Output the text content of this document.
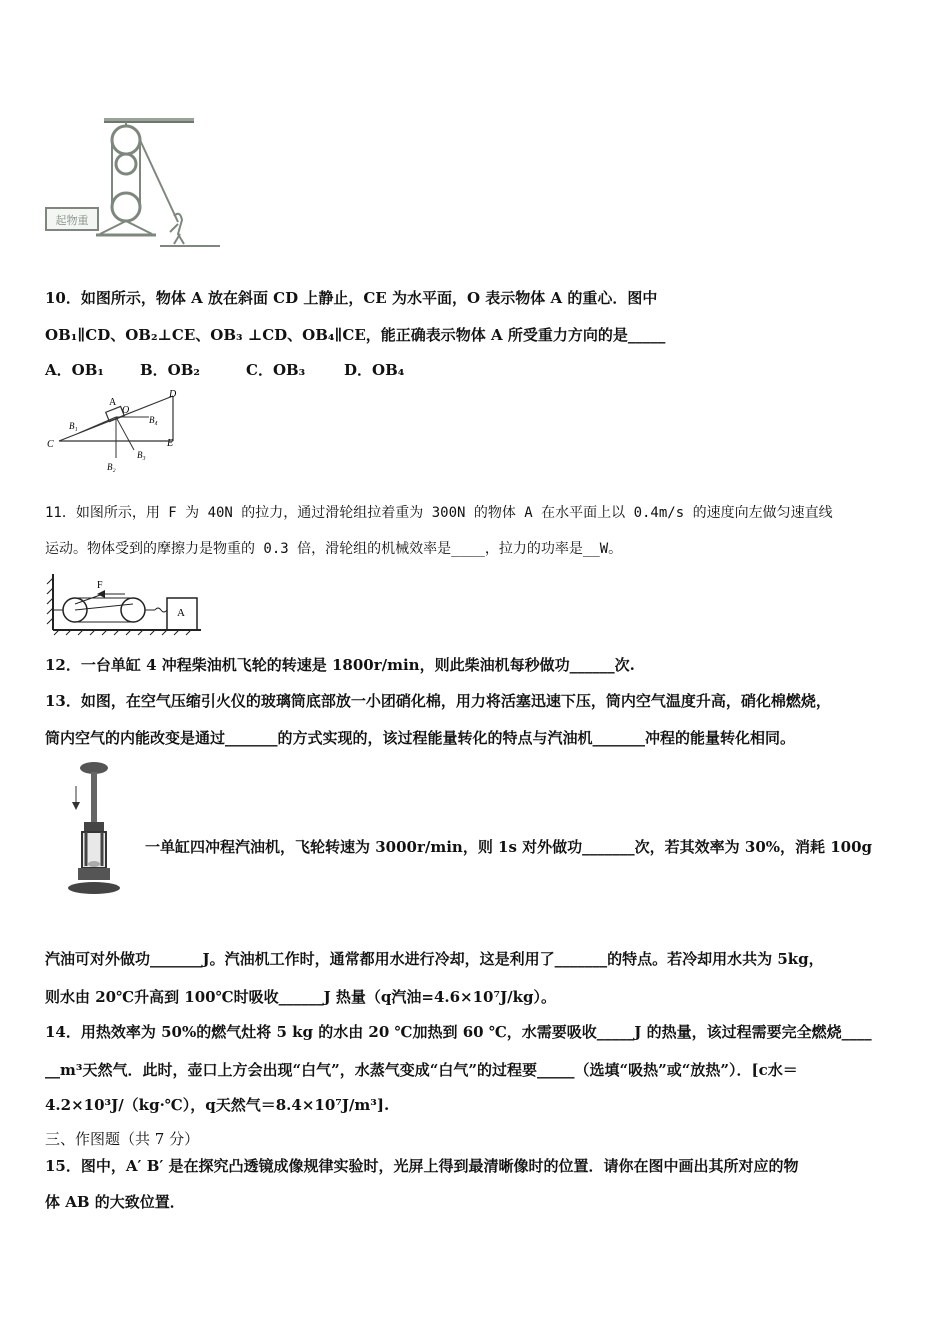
起物重
10．如图所示，物体 A 放在斜面 CD 上静止，CE 为水平面，O 表示物体 A 的重心．图中
OB₁∥CD、OB₂⊥CE、OB₃ ⊥CD、OB₄∥CE，能正确表示物体 A 所受重力方向的是_____
A．OB₁ B．OB₂	C．OB₃	D．OB₄
A
O
D
B₁
B₄
C	E
B₃
B₂
11．如图所示，用 F 为 40N 的拉力，通过滑轮组拉着重为 300N 的物体 A 在水平面上以 0.4m/s 的速度向左做匀速直线
运动。物体受到的摩擦力是物重的 0.3 倍，滑轮组的机械效率是____，拉力的功率是__W。
F
A
12．一台单缸 4 冲程柴油机飞轮的转速是 1800r/min，则此柴油机每秒做功______次.
13．如图，在空气压缩引火仪的玻璃筒底部放一小团硝化棉，用力将活塞迅速下压，筒内空气温度升高，硝化棉燃烧，
筒内空气的内能改变是通过_______的方式实现的，该过程能量转化的特点与汽油机_______冲程的能量转化相同。
一单缸四冲程汽油机，飞轮转速为 3000r/min，则 1s 对外做功_______次，若其效率为 30%，消耗 100g
汽油可对外做功_______J。汽油机工作时，通常都用水进行冷却，这是利用了_______的特点。若冷却用水共为 5kg，
则水由 20℃升高到 100℃时吸收______J 热量（q汽油=4.6×10⁷J/kg）。
14．用热效率为 50%的燃气灶将 5 kg 的水由 20 ℃加热到 60 ℃，水需要吸收_____J 的热量，该过程需要完全燃烧____
__m³天然气．此时，壶口上方会出现“白气”，水蒸气变成“白气”的过程要_____（选填“吸热”或“放热”）．[c水＝
4.2×10³J/（kg·℃），q天然气＝8.4×10⁷J/m³].
三、作图题（共 7 分）
15．图中，A′ B′ 是在探究凸透镜成像规律实验时，光屏上得到最清晰像时的位置．请你在图中画出其所对应的物
体 AB 的大致位置．
